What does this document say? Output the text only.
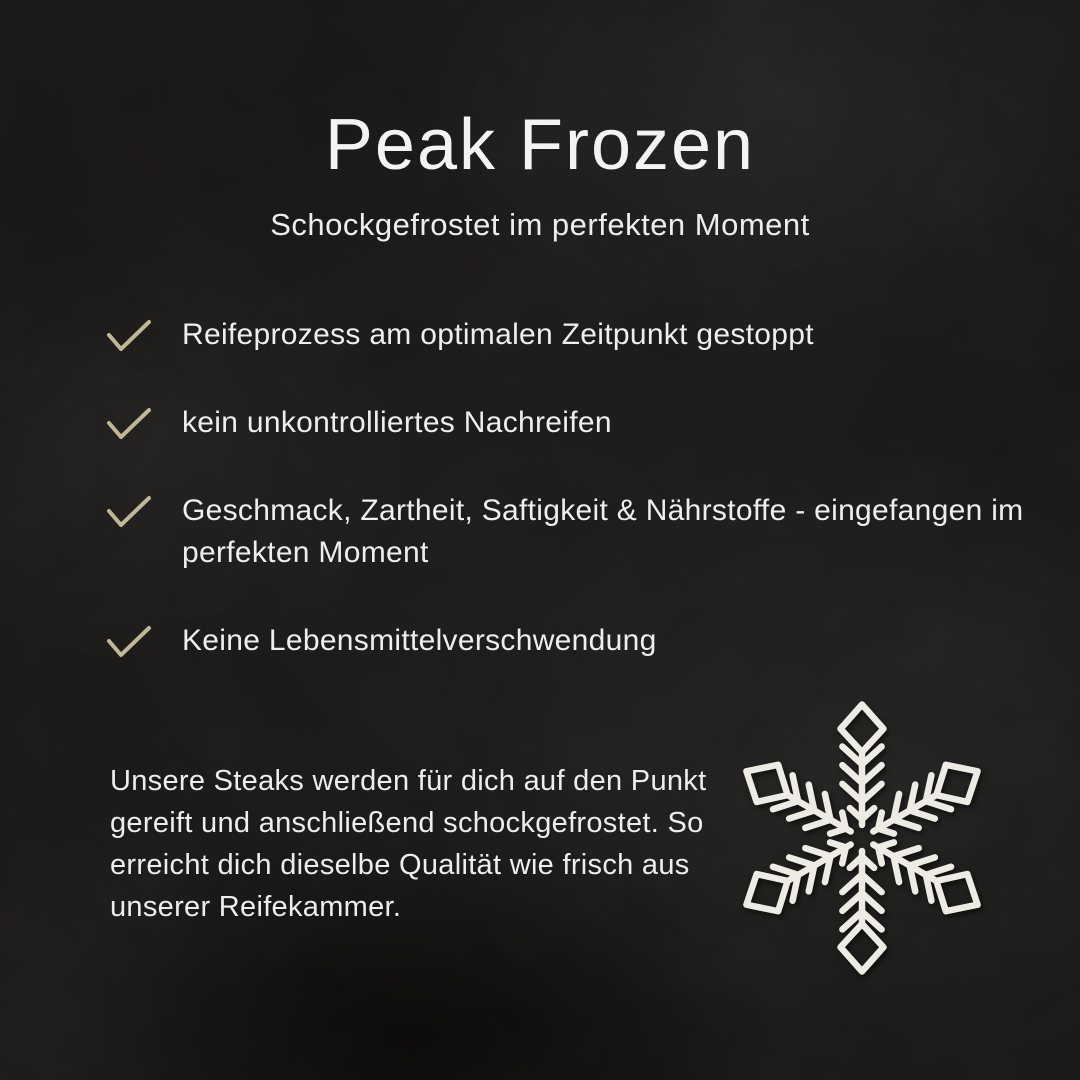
Peak Frozen
Schockgefrostet im perfekten Moment
Reifeprozess am optimalen Zeitpunkt gestoppt
kein unkontrolliertes Nachreifen
Geschmack, Zartheit, Saftigkeit & Nährstoffe - eingefangen im perfekten Moment
Keine Lebensmittelverschwendung
Unsere Steaks werden für dich auf den Punkt gereift und anschließend schockgefrostet. So erreicht dich dieselbe Qualität wie frisch aus unserer Reifekammer.
